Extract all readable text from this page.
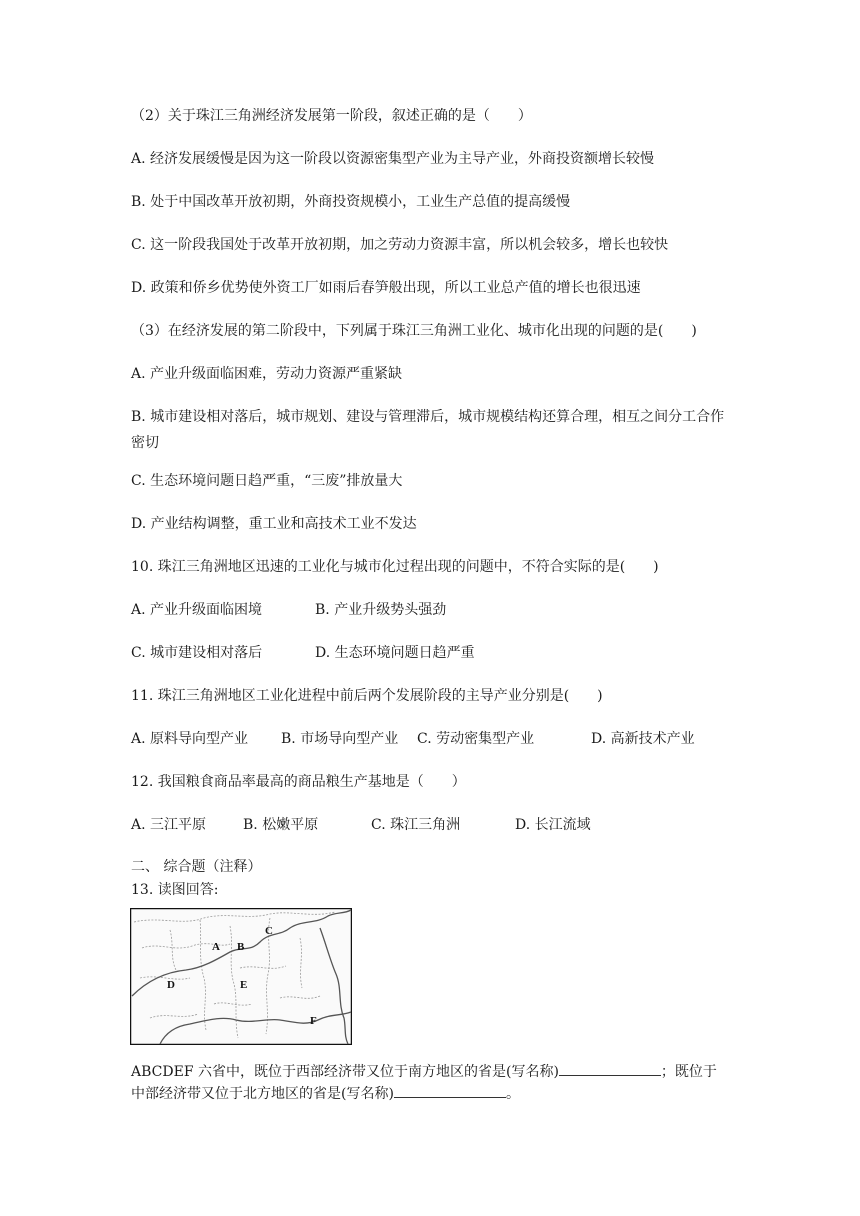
（2）关于珠江三角洲经济发展第一阶段，叙述正确的是（　　）
A. 经济发展缓慢是因为这一阶段以资源密集型产业为主导产业，外商投资额增长较慢
B. 处于中国改革开放初期，外商投资规模小，工业生产总值的提高缓慢
C. 这一阶段我国处于改革开放初期，加之劳动力资源丰富，所以机会较多，增长也较快
D. 政策和侨乡优势使外资工厂如雨后春笋般出现，所以工业总产值的增长也很迅速
（3）在经济发展的第二阶段中，下列属于珠江三角洲工业化、城市化出现的问题的是(　　)
A. 产业升级面临困难，劳动力资源严重紧缺
B. 城市建设相对落后，城市规划、建设与管理滞后，城市规模结构还算合理，相互之间分工合作密切
C. 生态环境问题日趋严重，“三废”排放量大
D. 产业结构调整，重工业和高技术工业不发达
10. 珠江三角洲地区迅速的工业化与城市化过程出现的问题中，不符合实际的是(　　)
A. 产业升级面临困境	B. 产业升级势头强劲
C. 城市建设相对落后	D. 生态环境问题日趋严重
11. 珠江三角洲地区工业化进程中前后两个发展阶段的主导产业分别是(　　)
A. 原料导向型产业 B. 市场导向型产业 C. 劳动密集型产业	D. 高新技术产业
12. 我国粮食商品率最高的商品粮生产基地是（　　）
A. 三江平原	B. 松嫩平原	C. 珠江三角洲	D. 长江流域
二、 综合题（注释）
13. 读图回答:
A B
C
D	E
F
ABCDEF 六省中，既位于西部经济带又位于南方地区的省是(写名称)	；既位于
中部经济带又位于北方地区的省是(写名称)	。
